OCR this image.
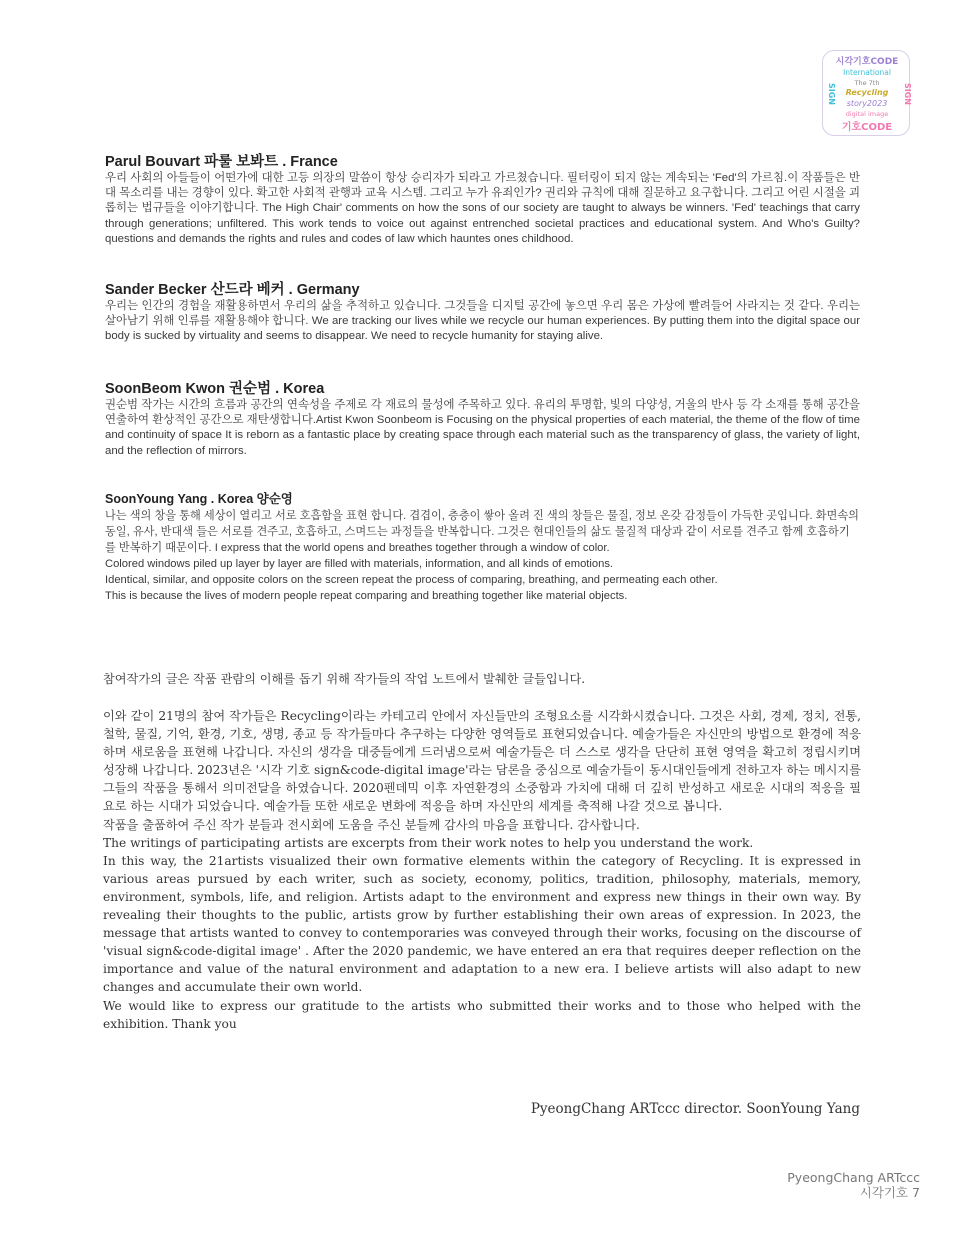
시각기호CODE
International
The 7th
Recycling
story2023
digital image
기호CODE
SIGN	SIGN
Parul Bouvart 파룰 보봐트 . France

우리 사회의 아들들이 어떤가에 대한 고등 의장의 말씀이 항상 승리자가 되라고 가르쳤습니다. 필터링이 되지 않는 계속되는 'Fed'의 가르침.이 작품들은 반대 목소리를 내는 경향이 있다. 확고한 사회적 관행과 교육 시스템. 그리고 누가 유죄인가? 권리와 규칙에 대해 질문하고 요구합니다. 그리고 어린 시절을 괴롭히는 법규들을 이야기합니다. The High Chair' comments on how the sons of our society are taught to always be winners. 'Fed' teachings that carry through generations; unfiltered. This work tends to voice out against entrenched societal practices and educational system. And Who's Guilty? questions and demands the rights and rules and codes of law which hauntes ones childhood.

Sander Becker 산드라 베커 . Germany

우리는 인간의 경험을 재활용하면서 우리의 삶을 추적하고 있습니다. 그것들을 디지털 공간에 놓으면 우리 몸은 가상에 빨려들어 사라지는 것 같다. 우리는 살아남기 위해 인류를 재활용해야 합니다. We are tracking our lives while we recycle our human experiences. By putting them into the digital space our body is sucked by virtuality and seems to disappear. We need to recycle humanity for staying alive.

SoonBeom Kwon 권순범 . Korea

권순범 작가는 시간의 흐름과 공간의 연속성을 주제로 각 재료의 물성에 주목하고 있다. 유리의 투명함, 빛의 다양성, 거울의 반사 등 각 소재를 통해 공간을 연출하여 환상적인 공간으로 재탄생합니다.Artist Kwon Soonbeom is Focusing on the physical properties of each material, the theme of the flow of time and continuity of space It is reborn as a fantastic place by creating space through each material such as the transparency of glass, the variety of light, and the reflection of mirrors.

SoonYoung Yang . Korea 양순영

나는 색의 창을 통해 세상이 열리고 서로 호흡함을 표현 합니다. 겹겹이, 층층이 쌓아 올려 진 색의 창들은 물질, 정보 온갖 감정들이 가득한 곳입니다. 화면속의 동일, 유사, 반대색 들은 서로를 견주고, 호흡하고, 스며드는 과정들을 반복합니다. 그것은 현대인들의 삶도 물질적 대상과 같이 서로를 견주고 함께 호흡하기를 반복하기 때문이다. I express that the world opens and breathes together through a window of color.
Colored windows piled up layer by layer are filled with materials, information, and all kinds of emotions.
Identical, similar, and opposite colors on the screen repeat the process of comparing, breathing, and permeating each other.
This is because the lives of modern people repeat comparing and breathing together like material objects.

참여작가의 글은 작품 관람의 이해를 돕기 위해 작가들의 작업 노트에서 발췌한 글들입니다.

이와 같이 21명의 참여 작가들은 Recycling이라는 카테고리 안에서 자신들만의 조형요소를 시각화시켰습니다. 그것은 사회, 경제, 정치, 전통, 철학, 물질, 기억, 환경, 기호, 생명, 종교 등 작가들마다 추구하는 다양한 영역들로 표현되었습니다. 예술가들은 자신만의 방법으로 환경에 적응하며 새로움을 표현해 나갑니다. 자신의 생각을 대중들에게 드러냄으로써 예술가들은 더 스스로 생각을 단단히 표현 영역을 확고히 정립시키며 성장해 나갑니다. 2023년은 '시각 기호 sign&code-digital image'라는 담론을 중심으로 예술가들이 동시대인들에게 전하고자 하는 메시지를 그들의 작품을 통해서 의미전달을 하였습니다. 2020펜데믹 이후 자연환경의 소중함과 가치에 대해 더 깊히 반성하고 새로운 시대의 적응을 필요로 하는 시대가 되었습니다. 예술가들 또한 새로운 변화에 적응을 하며 자신만의 세계를 축적해 나갈 것으로 봅니다.

작품을 출품하여 주신 작가 분들과 전시회에 도움을 주신 분들께 감사의 마음을 표합니다. 감사합니다.

The writings of participating artists are excerpts from their work notes to help you understand the work.

In this way, the 21artists visualized their own formative elements within the category of Recycling. It is expressed in various areas pursued by each writer, such as society, economy, politics, tradition, philosophy, materials, memory, environment, symbols, life, and religion. Artists adapt to the environment and express new things in their own way. By revealing their thoughts to the public, artists grow by further establishing their own areas of expression. In 2023, the message that artists wanted to convey to contemporaries was conveyed through their works, focusing on the discourse of 'visual sign&code-digital image' . After the 2020 pandemic, we have entered an era that requires deeper reflection on the importance and value of the natural environment and adaptation to a new era. I believe artists will also adapt to new changes and accumulate their own world.

We would like to express our gratitude to the artists who submitted their works and to those who helped with the exhibition. Thank you

PyeongChang ARTccc director. SoonYoung Yang
PyeongChang ARTccc
시각기호 7
